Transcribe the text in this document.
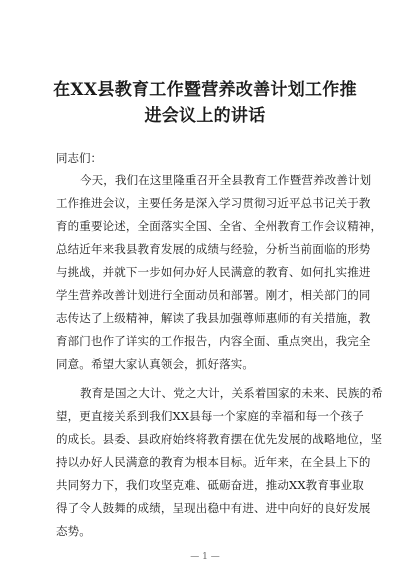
在XX县教育工作暨营养改善计划工作推
进会议上的讲话
同志们：
今天，我们在这里隆重召开全县教育工作暨营养改善计划
工作推进会议，主要任务是深入学习贯彻习近平总书记关于教
育的重要论述，全面落实全国、全省、全州教育工作会议精神，
总结近年来我县教育发展的成绩与经验，分析当前面临的形势
与挑战，并就下一步如何办好人民满意的教育、如何扎实推进
学生营养改善计划进行全面动员和部署。刚才，相关部门的同
志传达了上级精神，解读了我县加强尊师惠师的有关措施，教
育部门也作了详实的工作报告，内容全面、重点突出，我完全
同意。希望大家认真领会，抓好落实。
教育是国之大计、党之大计，关系着国家的未来、民族的希
望，更直接关系到我们XX县每一个家庭的幸福和每一个孩子
的成长。县委、县政府始终将教育摆在优先发展的战略地位，坚
持以办好人民满意的教育为根本目标。近年来，在全县上下的
共同努力下，我们攻坚克难、砥砺奋进，推动XX教育事业取
得了令人鼓舞的成绩，呈现出稳中有进、进中向好的良好发展
态势。
— 1 —
